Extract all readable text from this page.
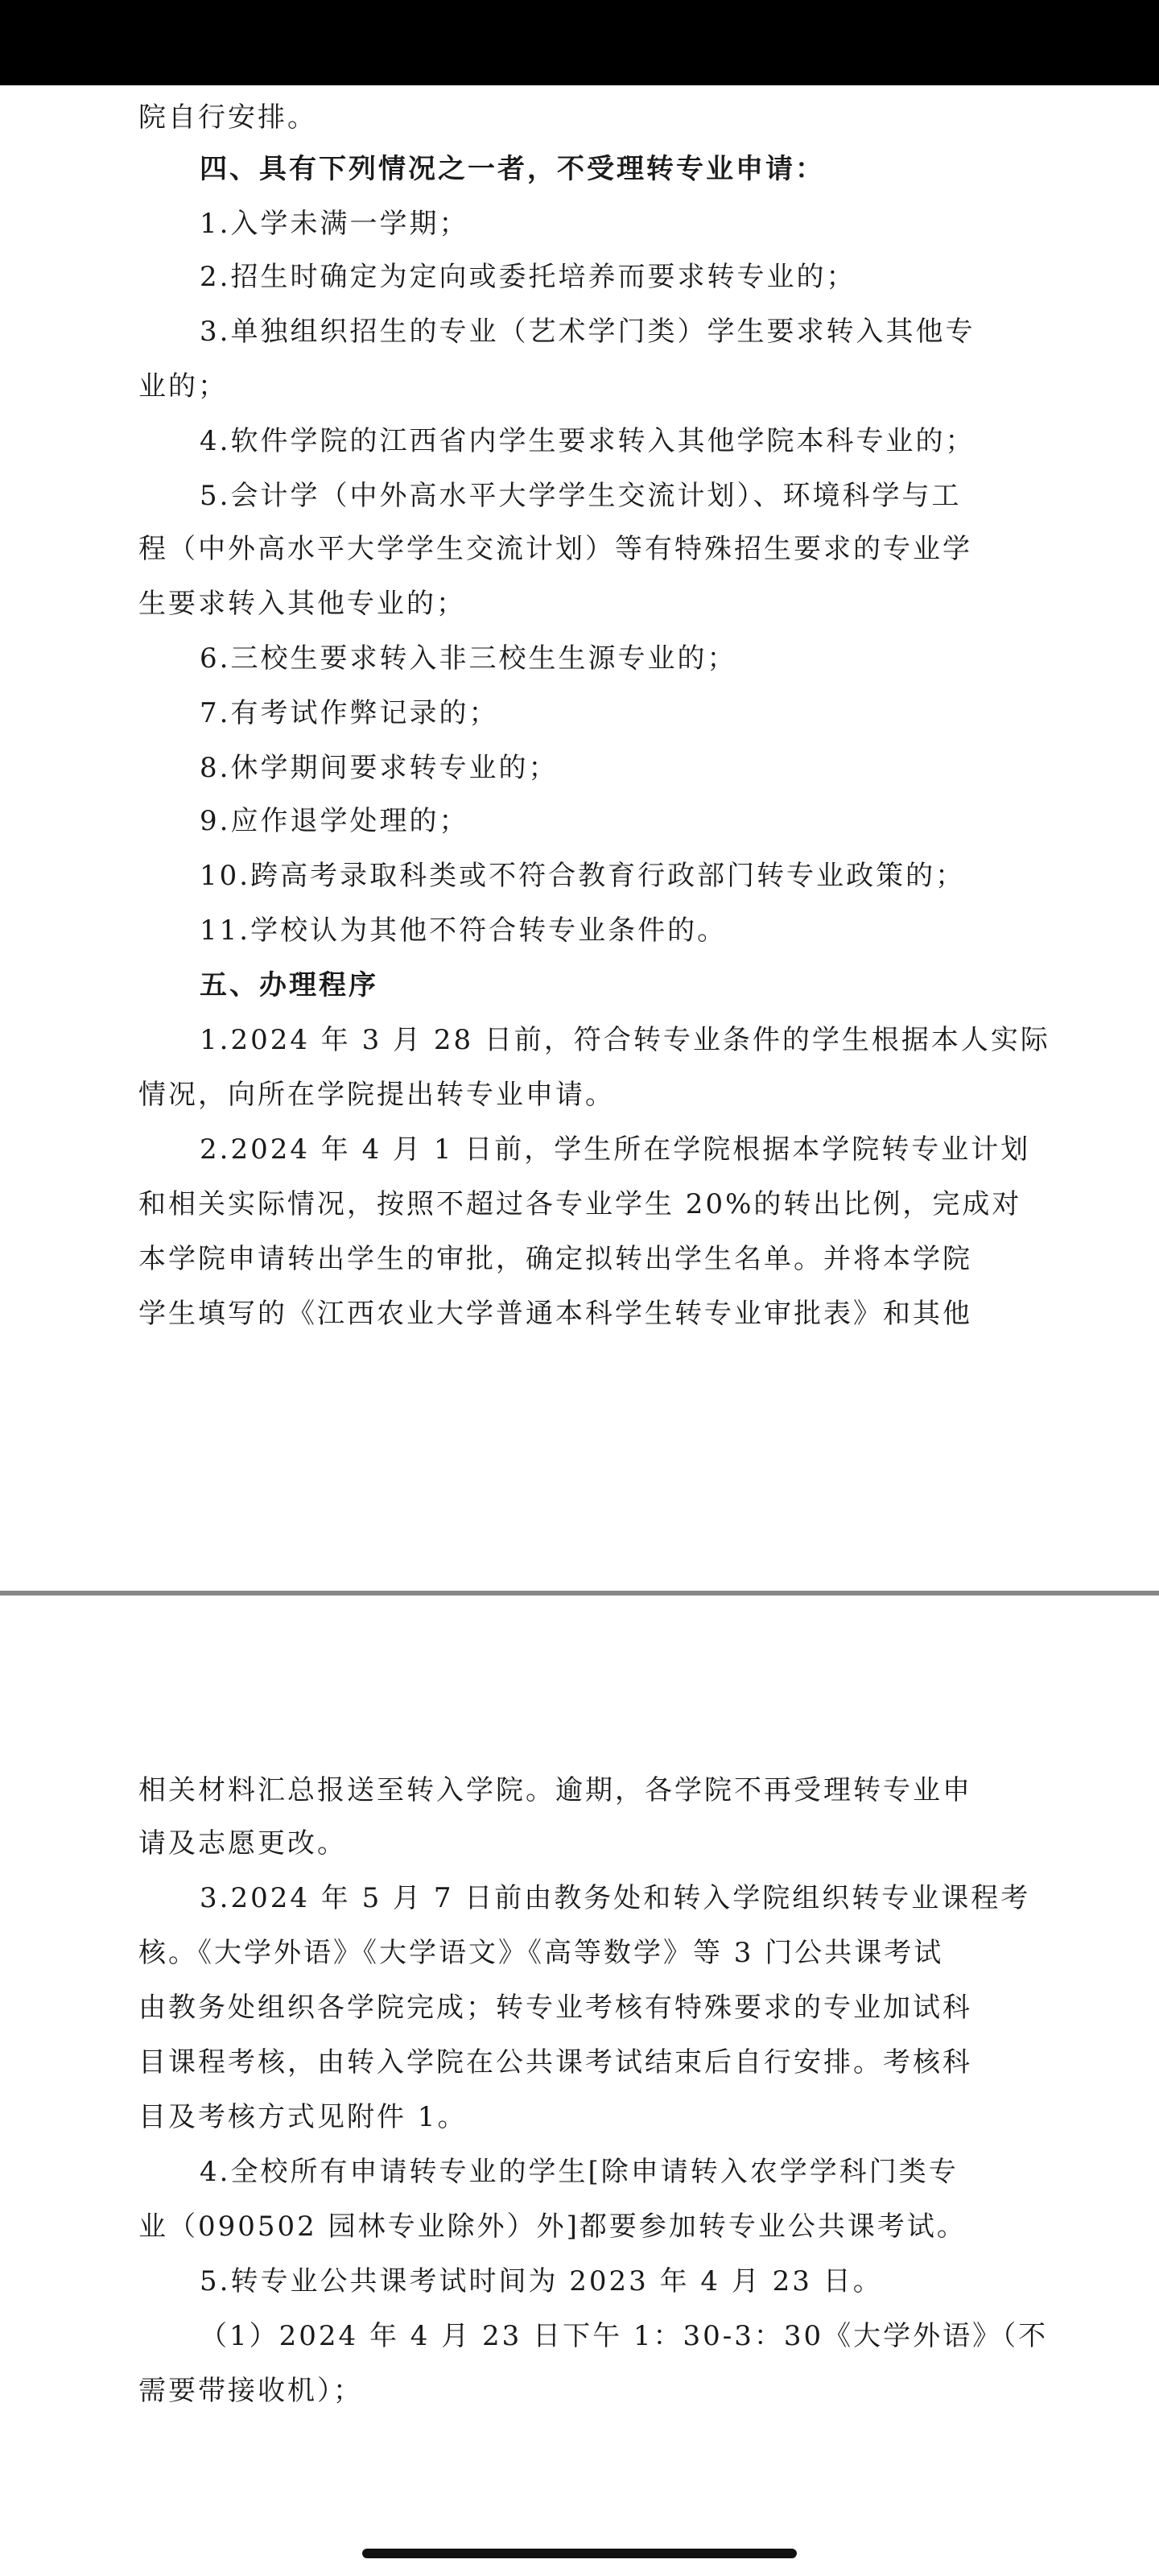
院自行安排。

四、具有下列情况之一者，不受理转专业申请：

1.入学未满一学期；

2.招生时确定为定向或委托培养而要求转专业的；

3.单独组织招生的专业（艺术学门类）学生要求转入其他专

业的；

4.软件学院的江西省内学生要求转入其他学院本科专业的；

5.会计学（中外高水平大学学生交流计划）、环境科学与工

程（中外高水平大学学生交流计划）等有特殊招生要求的专业学

生要求转入其他专业的；

6.三校生要求转入非三校生生源专业的；

7.有考试作弊记录的；

8.休学期间要求转专业的；

9.应作退学处理的；

10.跨高考录取科类或不符合教育行政部门转专业政策的；

11.学校认为其他不符合转专业条件的。

五、办理程序

1.2024 年 3 月 28 日前，符合转专业条件的学生根据本人实际

情况，向所在学院提出转专业申请。

2.2024 年 4 月 1 日前，学生所在学院根据本学院转专业计划

和相关实际情况，按照不超过各专业学生 20%的转出比例，完成对

本学院申请转出学生的审批，确定拟转出学生名单。并将本学院

学生填写的《江西农业大学普通本科学生转专业审批表》和其他

相关材料汇总报送至转入学院。逾期，各学院不再受理转专业申

请及志愿更改。

3.2024 年 5 月 7 日前由教务处和转入学院组织转专业课程考

核。《大学外语》《大学语文》《高等数学》等 3 门公共课考试

由教务处组织各学院完成；转专业考核有特殊要求的专业加试科

目课程考核，由转入学院在公共课考试结束后自行安排。考核科

目及考核方式见附件 1。

4.全校所有申请转专业的学生[除申请转入农学学科门类专

业（090502 园林专业除外）外]都要参加转专业公共课考试。

5.转专业公共课考试时间为 2023 年 4 月 23 日。

（1）2024 年 4 月 23 日下午 1：30-3：30《大学外语》（不

需要带接收机）；
